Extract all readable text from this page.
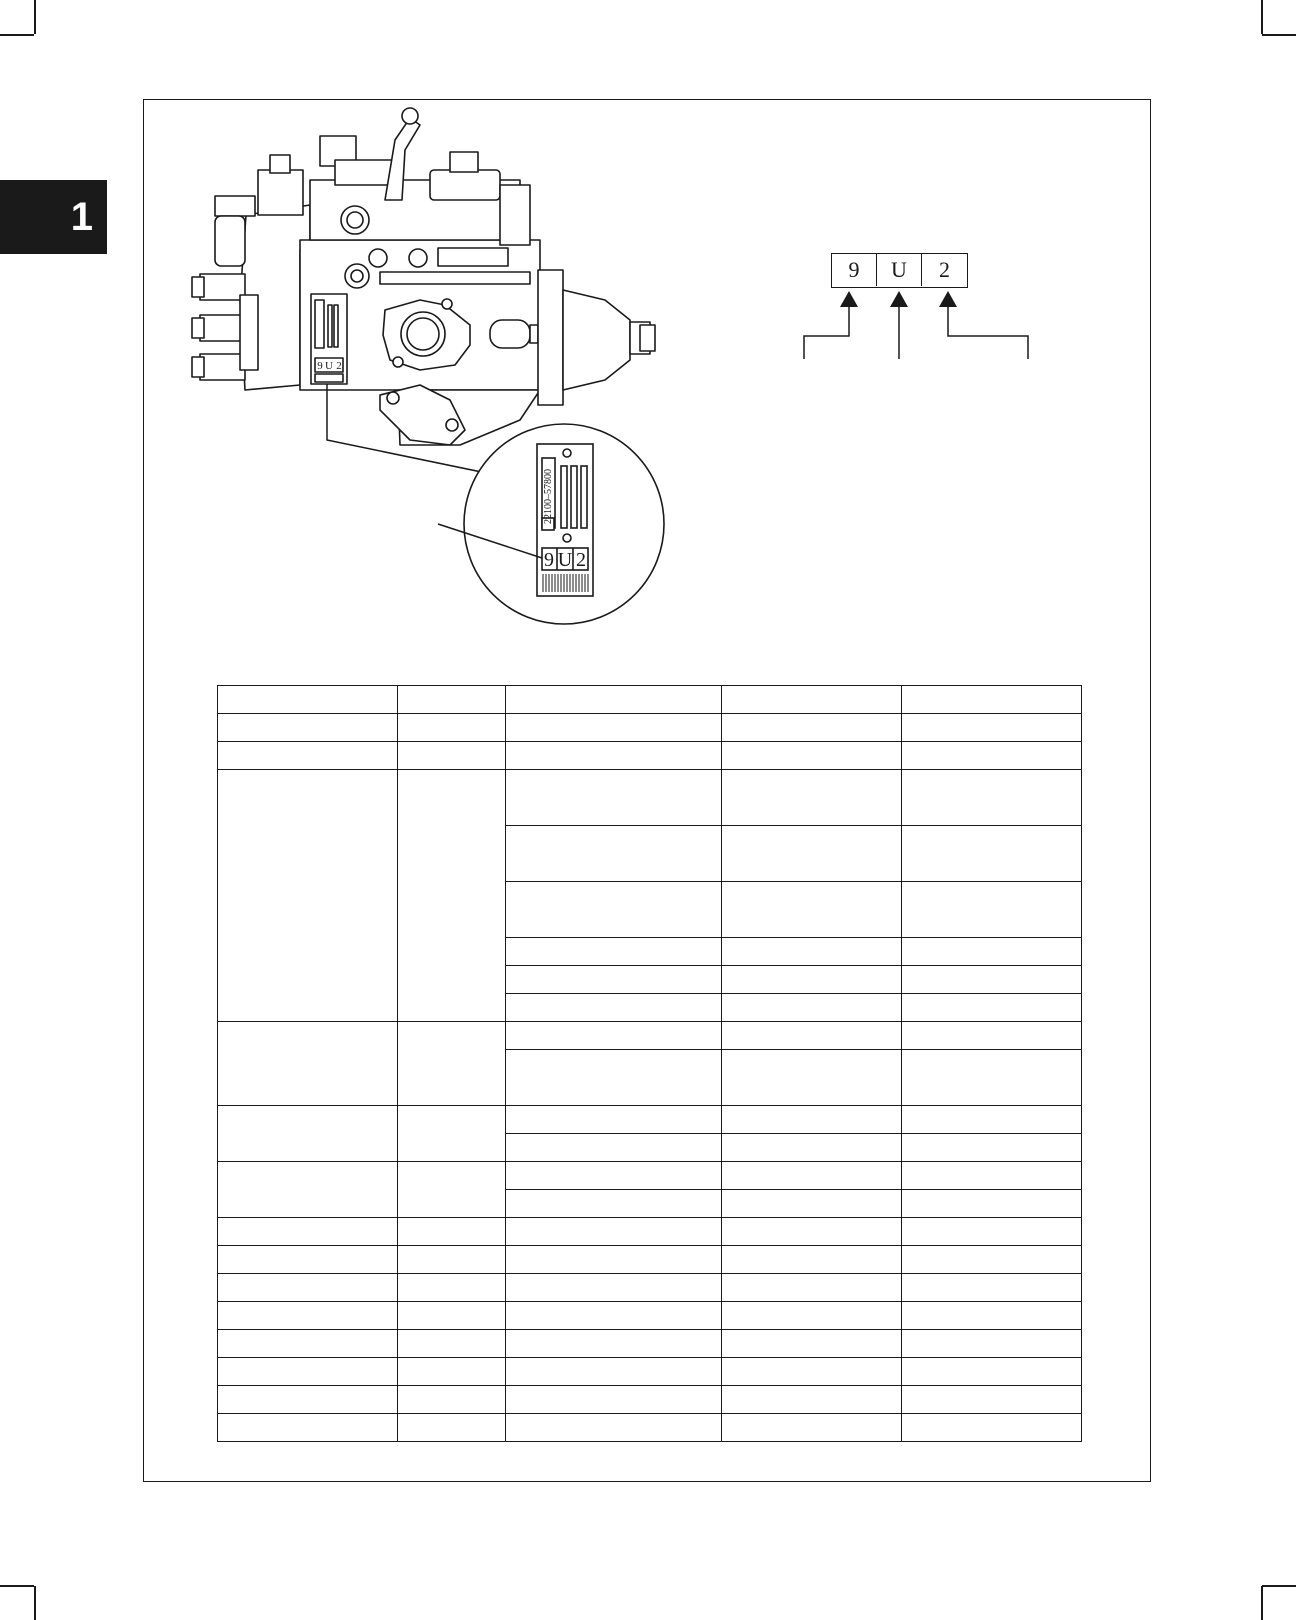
1
9 U 2
22100–57800
9 U 2
9	U	2
